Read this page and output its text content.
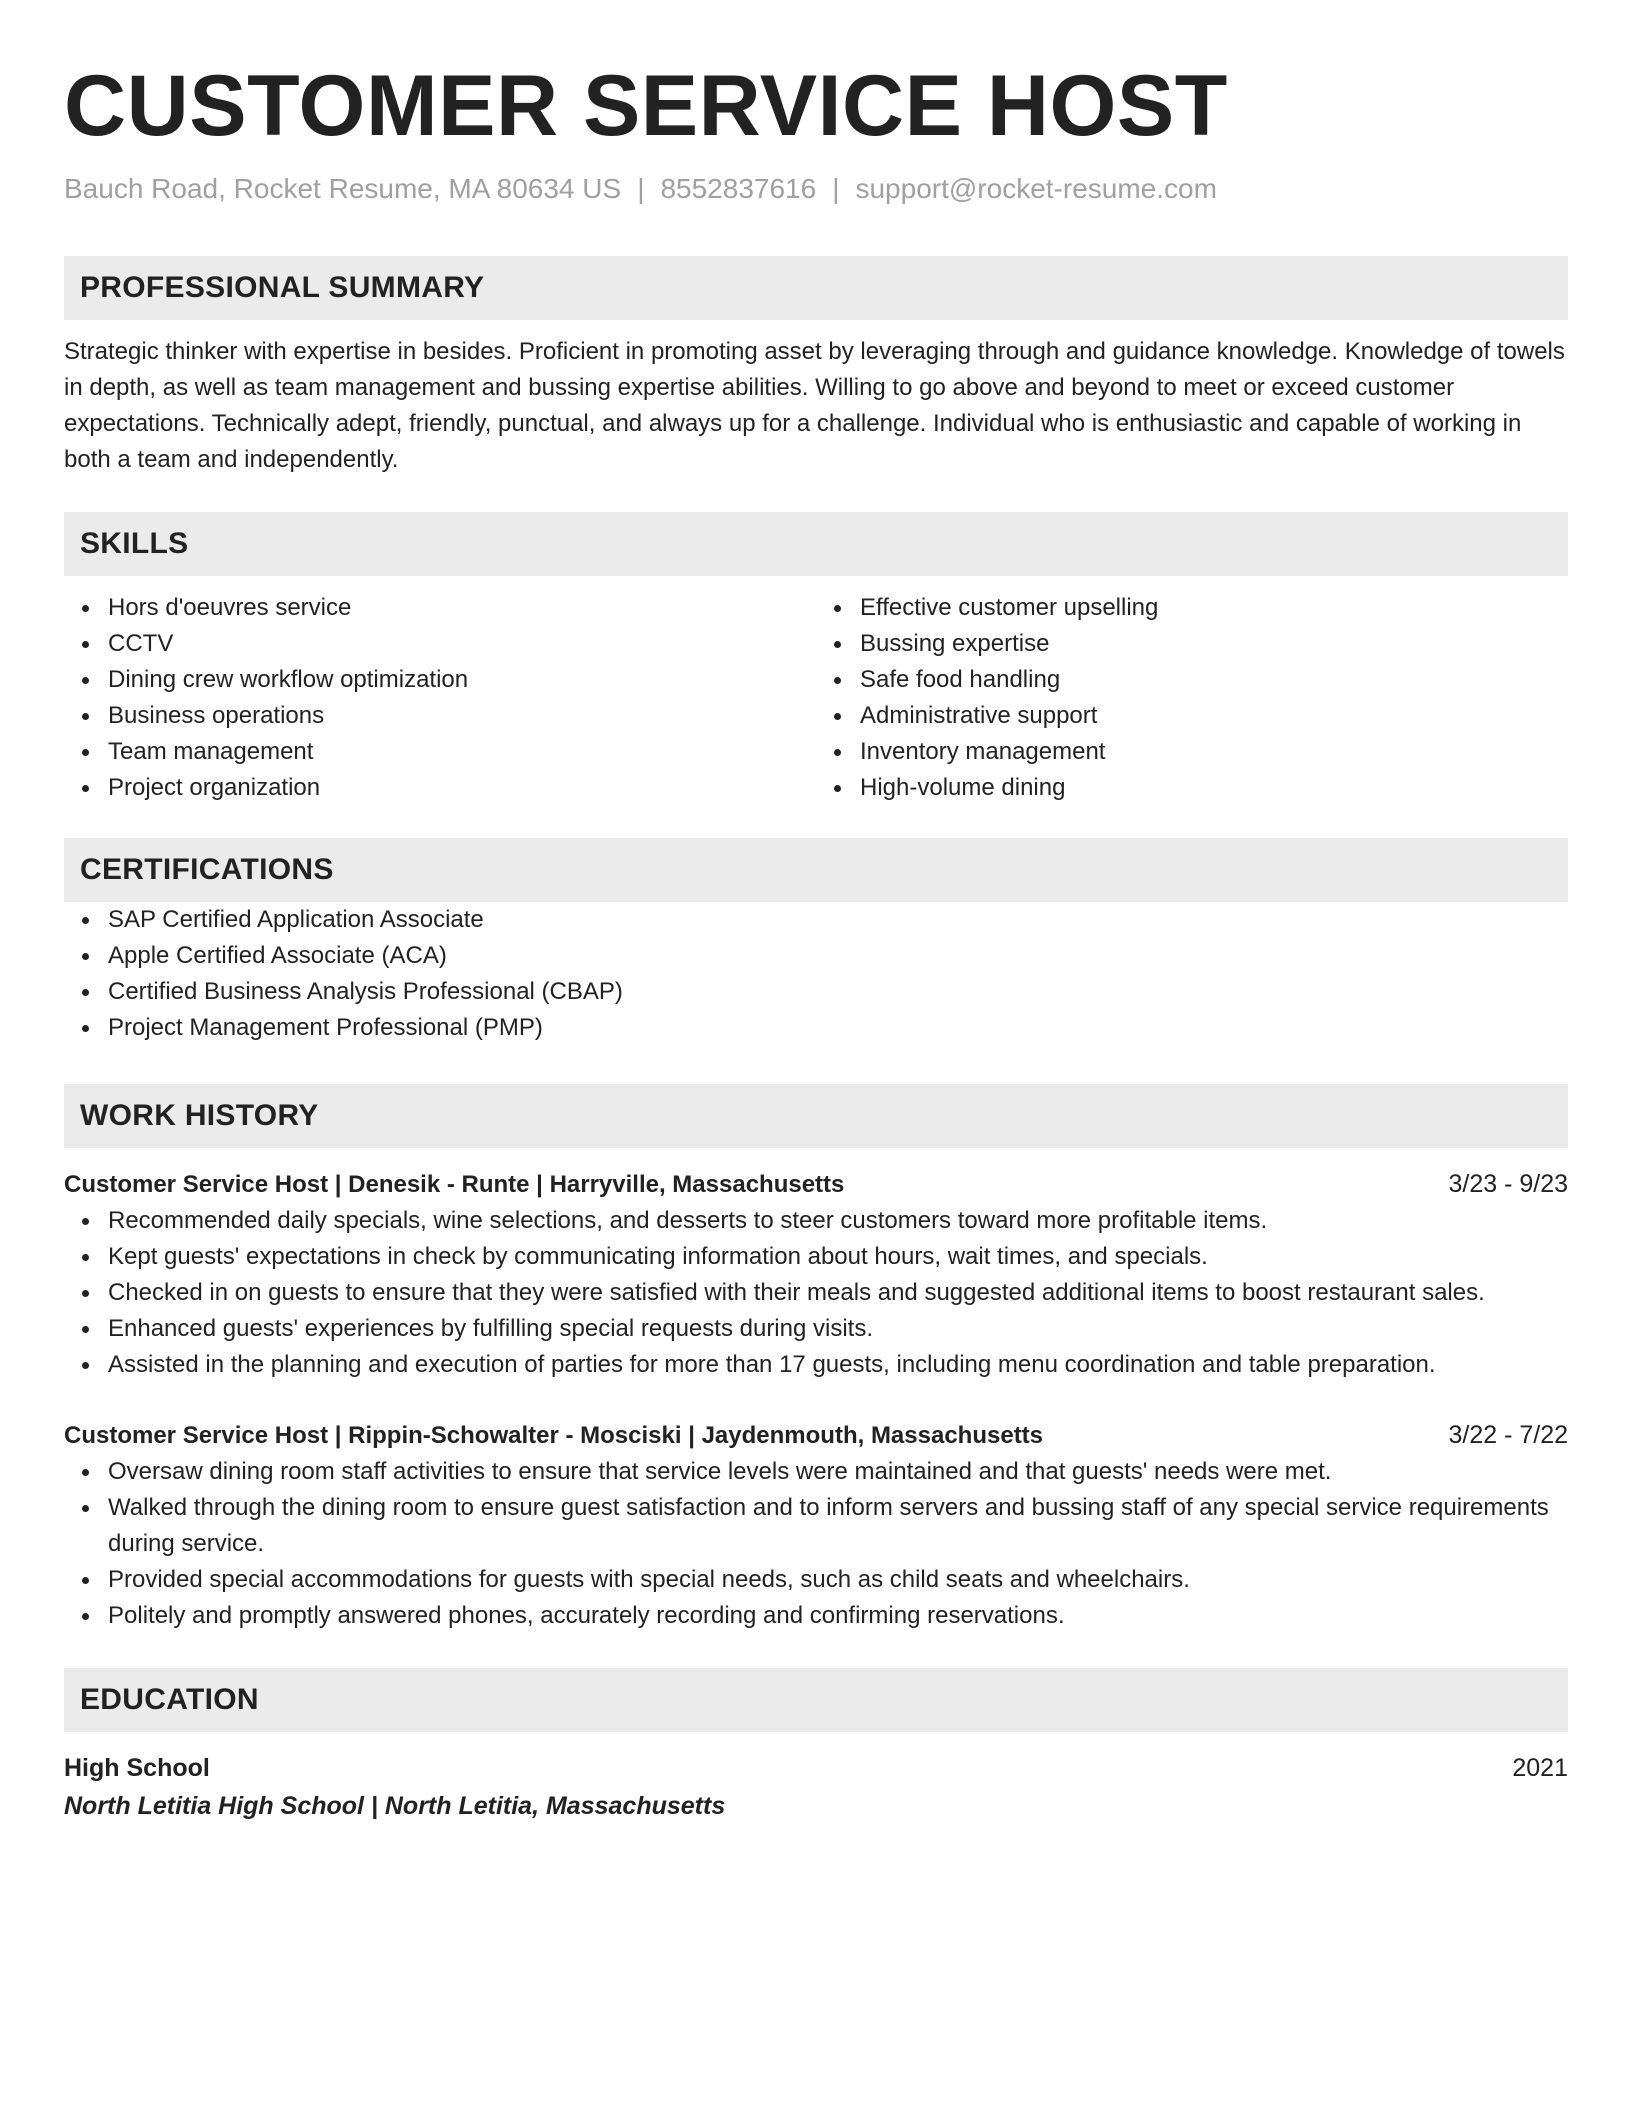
CUSTOMER SERVICE HOST
Bauch Road, Rocket Resume, MA 80634 US | 8552837616 | support@rocket-resume.com
PROFESSIONAL SUMMARY
Strategic thinker with expertise in besides. Proficient in promoting asset by leveraging through and guidance knowledge. Knowledge of towels in depth, as well as team management and bussing expertise abilities. Willing to go above and beyond to meet or exceed customer expectations. Technically adept, friendly, punctual, and always up for a challenge. Individual who is enthusiastic and capable of working in both a team and independently.
SKILLS
Hors d'oeuvres service
CCTV
Dining crew workflow optimization
Business operations
Team management
Project organization
Effective customer upselling
Bussing expertise
Safe food handling
Administrative support
Inventory management
High-volume dining
CERTIFICATIONS
SAP Certified Application Associate
Apple Certified Associate (ACA)
Certified Business Analysis Professional (CBAP)
Project Management Professional (PMP)
WORK HISTORY
Customer Service Host | Denesik - Runte | Harryville, Massachusetts	3/23 - 9/23
Recommended daily specials, wine selections, and desserts to steer customers toward more profitable items.
Kept guests' expectations in check by communicating information about hours, wait times, and specials.
Checked in on guests to ensure that they were satisfied with their meals and suggested additional items to boost restaurant sales.
Enhanced guests' experiences by fulfilling special requests during visits.
Assisted in the planning and execution of parties for more than 17 guests, including menu coordination and table preparation.
Customer Service Host | Rippin-Schowalter - Mosciski | Jaydenmouth, Massachusetts	3/22 - 7/22
Oversaw dining room staff activities to ensure that service levels were maintained and that guests' needs were met.
Walked through the dining room to ensure guest satisfaction and to inform servers and bussing staff of any special service requirements during service.
Provided special accommodations for guests with special needs, such as child seats and wheelchairs.
Politely and promptly answered phones, accurately recording and confirming reservations.
EDUCATION
High School	2021
North Letitia High School | North Letitia, Massachusetts
